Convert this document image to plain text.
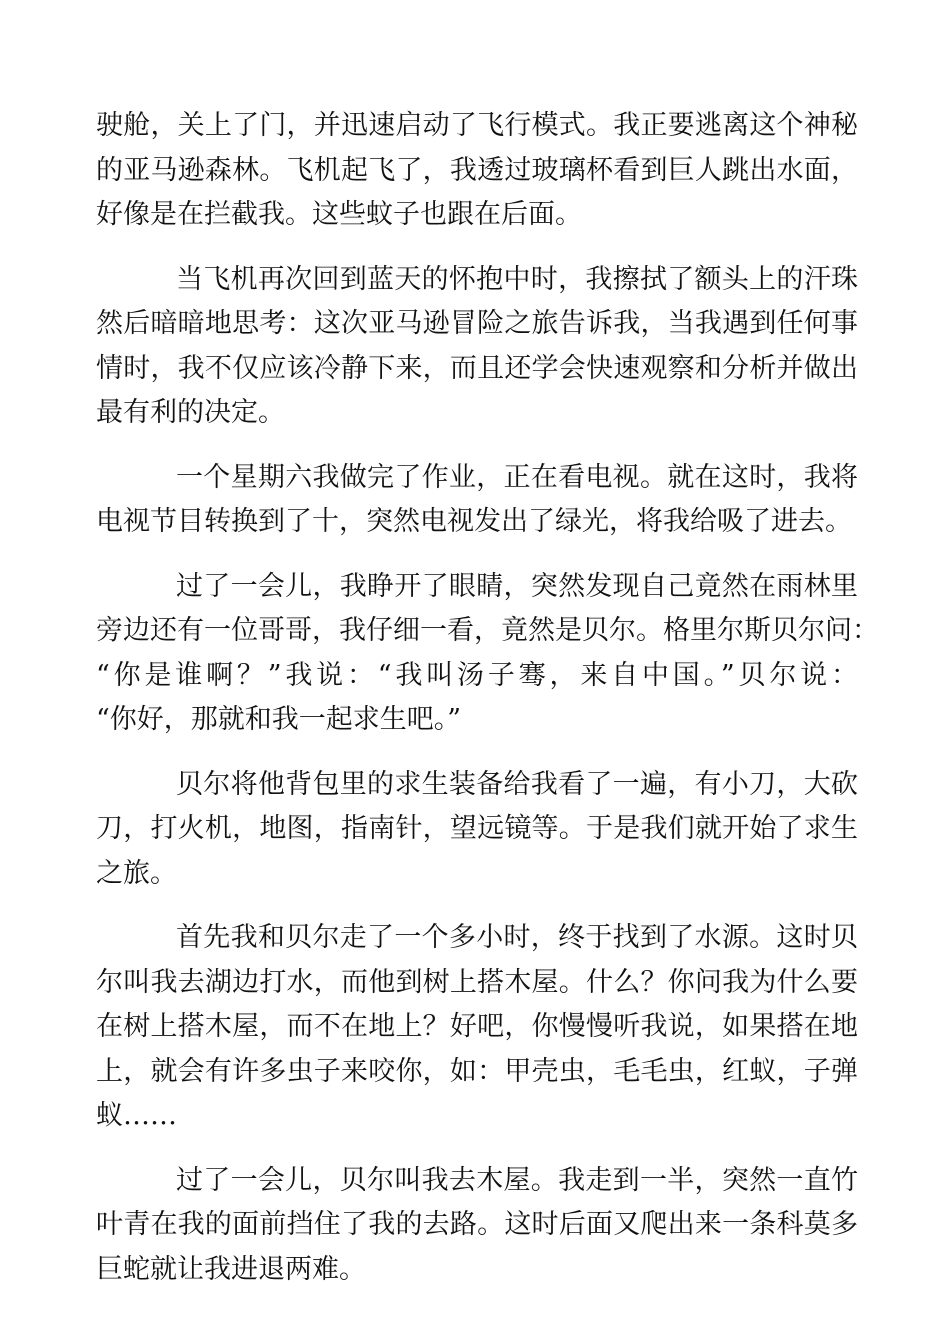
驶舱，关上了门，并迅速启动了飞行模式。我正要逃离这个神秘
的亚马逊森林。飞机起飞了，我透过玻璃杯看到巨人跳出水面，
好像是在拦截我。这些蚊子也跟在后面。
当飞机再次回到蓝天的怀抱中时，我擦拭了额头上的汗珠
然后暗暗地思考：这次亚马逊冒险之旅告诉我，当我遇到任何事
情时，我不仅应该冷静下来，而且还学会快速观察和分析并做出
最有利的决定。
一个星期六我做完了作业，正在看电视。就在这时，我将
电视节目转换到了十，突然电视发出了绿光，将我给吸了进去。
过了一会儿，我睁开了眼睛，突然发现自己竟然在雨林里
旁边还有一位哥哥，我仔细一看，竟然是贝尔。格里尔斯贝尔问：
“你是谁啊？”我说：“我叫汤子骞，来自中国。”贝尔说：
“你好，那就和我一起求生吧。”
贝尔将他背包里的求生装备给我看了一遍，有小刀，大砍
刀，打火机，地图，指南针，望远镜等。于是我们就开始了求生
之旅。
首先我和贝尔走了一个多小时，终于找到了水源。这时贝
尔叫我去湖边打水，而他到树上搭木屋。什么？你问我为什么要
在树上搭木屋，而不在地上？好吧，你慢慢听我说，如果搭在地
上，就会有许多虫子来咬你，如：甲壳虫，毛毛虫，红蚁，子弹
蚁……
过了一会儿，贝尔叫我去木屋。我走到一半，突然一直竹
叶青在我的面前挡住了我的去路。这时后面又爬出来一条科莫多
巨蛇就让我进退两难。
